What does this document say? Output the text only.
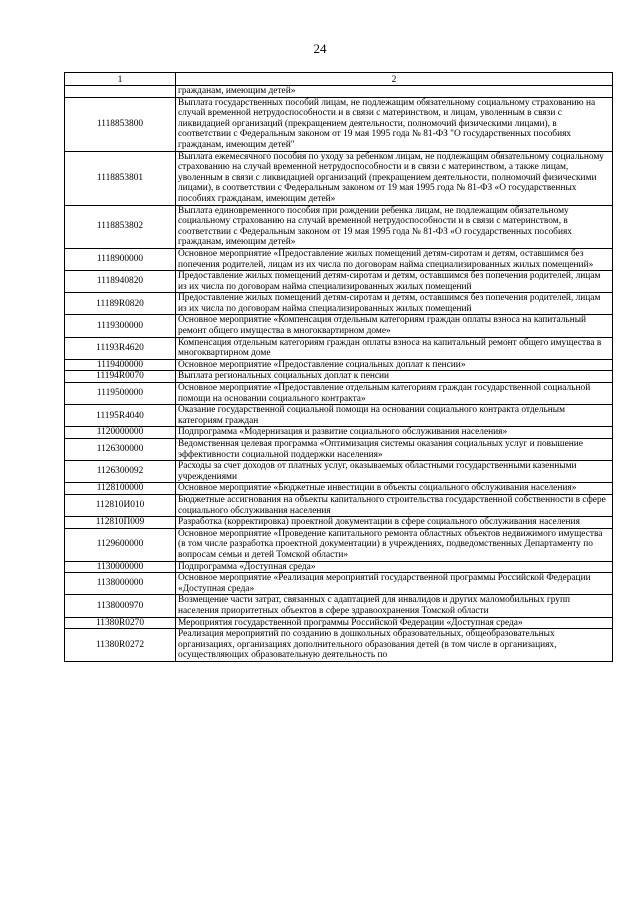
24
1	2
	гражданам, имеющим детей»
1118853800	Выплата государственных пособий лицам, не подлежащим обязательному социальному страхованию на случай временной нетрудоспособности и в связи с материнством, и лицам, уволенным в связи с ликвидацией организаций (прекращением деятельности, полномочий физическими лицами), в соответствии с Федеральным законом от 19 мая 1995 года № 81-ФЗ "О государственных пособиях гражданам, имеющим детей"
1118853801	Выплата ежемесячного пособия по уходу за ребенком лицам, не подлежащим обязательному социальному страхованию на случай временной нетрудоспособности и в связи с материнством, а также лицам, уволенным в связи с ликвидацией организаций (прекращением деятельности, полномочий физическими лицами), в соответствии с Федеральным законом от 19 мая 1995 года № 81-ФЗ «О государственных пособиях гражданам, имеющим детей»
1118853802	Выплата единовременного пособия при рождении ребенка лицам, не подлежащим обязательному социальному страхованию на случай временной нетрудоспособности и в связи с материнством, в соответствии с Федеральным законом от 19 мая 1995 года № 81-ФЗ «О государственных пособиях гражданам, имеющим детей»
1118900000	Основное мероприятие «Предоставление жилых помещений детям-сиротам и детям, оставшимся без попечения родителей, лицам из их числа по договорам найма специализированных жилых помещений»
1118940820	Предоставление жилых помещений детям-сиротам и детям, оставшимся без попечения родителей, лицам из их числа по договорам найма специализированных жилых помещений
11189R0820	Предоставление жилых помещений детям-сиротам и детям, оставшимся без попечения родителей, лицам из их числа по договорам найма специализированных жилых помещений
1119300000	Основное мероприятие «Компенсация отдельным категориям граждан оплаты взноса на капитальный ремонт общего имущества в многоквартирном доме»
11193R4620	Компенсация отдельным категориям граждан оплаты взноса на капитальный ремонт общего имущества в многоквартирном доме
1119400000	Основное мероприятие «Предоставление социальных доплат к пенсии»
11194R0070	Выплата региональных социальных доплат к пенсии
1119500000	Основное мероприятие «Предоставление отдельным категориям граждан государственной социальной помощи на основании социального контракта»
11195R4040	Оказание государственной социальной помощи на основании социального контракта отдельным категориям граждан
1120000000	Подпрограмма «Модернизация и развитие социального обслуживания населения»
1126300000	Ведомственная целевая программа «Оптимизация системы оказания социальных услуг и повышение эффективности социальной поддержки населения»
1126300092	Расходы за счет доходов от платных услуг, оказываемых областными государственными казенными учреждениями
1128100000	Основное мероприятие «Бюджетные инвестиции в объекты социального обслуживания населения»
112810И010	Бюджетные ассигнования на объекты капитального строительства государственной собственности в сфере социального обслуживания населения
112810П009	Разработка (корректировка) проектной документации в сфере социального обслуживания населения
1129600000	Основное мероприятие «Проведение капитального ремонта областных объектов недвижимого имущества (в том числе разработка проектной документации) в учреждениях, подведомственных Департаменту по вопросам семьи и детей Томской области»
1130000000	Подпрограмма «Доступная среда»
1138000000	Основное мероприятие «Реализация мероприятий государственной программы Российской Федерации «Доступная среда»
1138000970	Возмещение части затрат, связанных с адаптацией для инвалидов и других маломобильных групп населения приоритетных объектов в сфере здравоохранения Томской области
11380R0270	Мероприятия государственной программы Российской Федерации «Доступная среда»
11380R0272	Реализация мероприятий по созданию в дошкольных образовательных, общеобразовательных организациях, организациях дополнительного образования детей (в том числе в организациях, осуществляющих образовательную деятельность по
